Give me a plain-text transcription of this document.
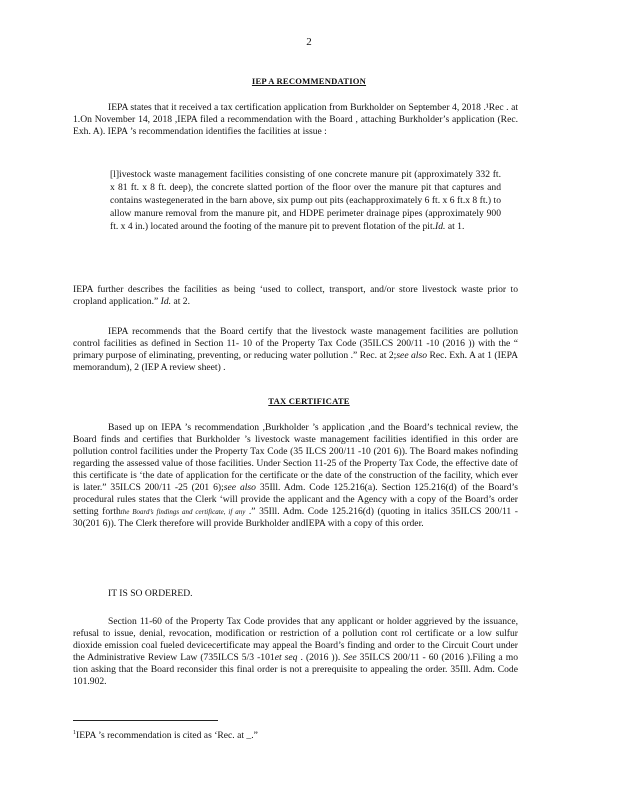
2
IEP A RECOMMENDATION
IEPA states that it received a tax certification application from Burkholder on September 4, 2018 .¹Rec . at 1.On November 14, 2018 ,IEPA filed a recommendation with the Board , attaching Burkholder’s application (Rec. Exh. A). IEPA ’s recommendation identifies the facilities at issue :
[l]ivestock waste management facilities consisting of one concrete manure pit (approximately 332 ft. x 81 ft. x 8 ft. deep), the concrete slatted portion of the floor over the manure pit that captures and contains wastegenerated in the barn above, six pump out pits (eachapproximately 6 ft. x 6 ft.x 8 ft.) to allow manure removal from the manure pit, and HDPE perimeter drainage pipes (approximately 900 ft. x 4 in.) located around the footing of the manure pit to prevent flotation of the pit.Id. at 1.
IEPA further describes the facilities as being ‘used to collect, transport, and/or store livestock waste prior to cropland application.” Id. at 2.
IEPA recommends that the Board certify that the livestock waste management facilities are pollution control facilities as defined in Section 11- 10 of the Property Tax Code (35ILCS 200/11 -10 (2016 )) with the “ primary purpose of eliminating, preventing, or reducing water pollution .” Rec. at 2;see also Rec. Exh. A at 1 (IEPA memorandum), 2 (IEP A review sheet) .
TAX CERTIFICATE
Based up on IEPA ’s recommendation ,Burkholder ’s application ,and the Board’s technical review, the Board finds and certifies that Burkholder ’s livestock waste management facilities identified in this order are pollution control facilities under the Property Tax Code (35 ILCS 200/11 -10 (201 6)). The Board makes nofinding regarding the assessed value of those facilities. Under Section 11-25 of the Property Tax Code, the effective date of this certificate is ‘the date of application for the certificate or the date of the construction of the facility, which ever is later.” 35ILCS 200/11 -25 (201 6);see also 35Ill. Adm. Code 125.216(a). Section 125.216(d) of the Board’s procedural rules states that the Clerk ‘will provide the applicant and the Agency with a copy of the Board’s order setting forththe Board’s findings and certificate, if any .” 35Ill. Adm. Code 125.216(d) (quoting in italics 35ILCS 200/11 - 30(201 6)). The Clerk therefore will provide Burkholder andIEPA with a copy of this order.
IT IS SO ORDERED.
Section 11-60 of the Property Tax Code provides that any applicant or holder aggrieved by the issuance, refusal to issue, denial, revocation, modification or restriction of a pollution cont rol certificate or a low sulfur dioxide emission coal fueled devicecertificate may appeal the Board’s finding and order to the Circuit Court under the Administrative Review Law (735ILCS 5/3 -101et seq . (2016 )). See 35ILCS 200/11 - 60 (2016 ).Filing a mo tion asking that the Board reconsider this final order is not a prerequisite to appealing the order. 35Ill. Adm. Code 101.902.
$^1$IEPA ’s recommendation is cited as ‘Rec. at _.”
